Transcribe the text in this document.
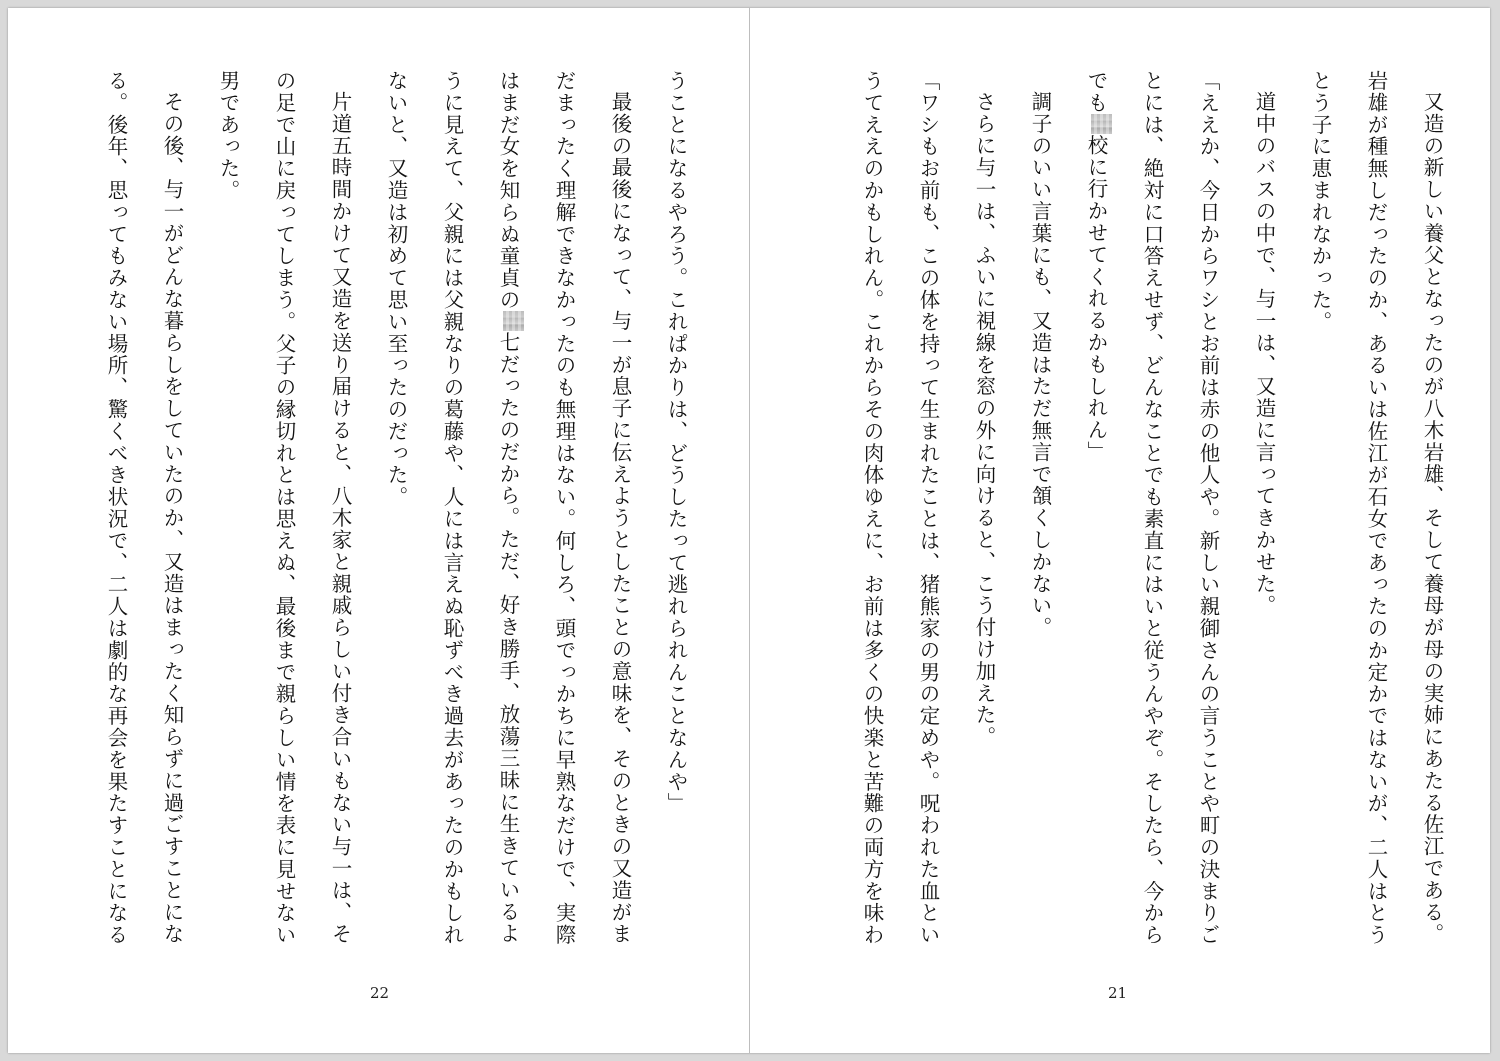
うことになるやろう。これぱかりは、どうしたって逃れられんことなんや」
最後の最後になって、与一が息子に伝えようとしたことの意味を、そのときの又造がま
だまったく理解できなかったのも無理はない。何しろ、頭でっかちに早熟なだけで、実際
はまだ女を知らぬ童貞の七だったのだから。ただ、好き勝手、放蕩三昧に生きているよ
うに見えて、父親には父親なりの葛藤や、人には言えぬ恥ずべき過去があったのかもしれ
ないと、又造は初めて思い至ったのだった。
片道五時間かけて又造を送り届けると、八木家と親戚らしい付き合いもない与一は、そ
の足で山に戻ってしまう。父子の縁切れとは思えぬ、最後まで親らしい情を表に見せない
男であった。
その後、与一がどんな暮らしをしていたのか、又造はまったく知らずに過ごすことにな
る。後年、思ってもみない場所、驚くべき状況で、二人は劇的な再会を果たすことになる
22
又造の新しい養父となったのが八木岩雄、そして養母が母の実姉にあたる佐江である。
岩雄が種無しだったのか、あるいは佐江が石女であったのか定かではないが、二人はとう
とう子に恵まれなかった。
道中のバスの中で、与一は、又造に言ってきかせた。
「ええか、今日からワシとお前は赤の他人や。新しい親御さんの言うことや町の決まりご
とには、絶対に口答えせず、どんなことでも素直にはいと従うんやぞ。そしたら、今から
でも校に行かせてくれるかもしれん」
調子のいい言葉にも、又造はただ無言で頷くしかない。
さらに与一は、ふいに視線を窓の外に向けると、こう付け加えた。
「ワシもお前も、この体を持って生まれたことは、猪熊家の男の定めや。呪われた血とい
うてええのかもしれん。これからその肉体ゆえに、お前は多くの快楽と苦難の両方を味わ
21
